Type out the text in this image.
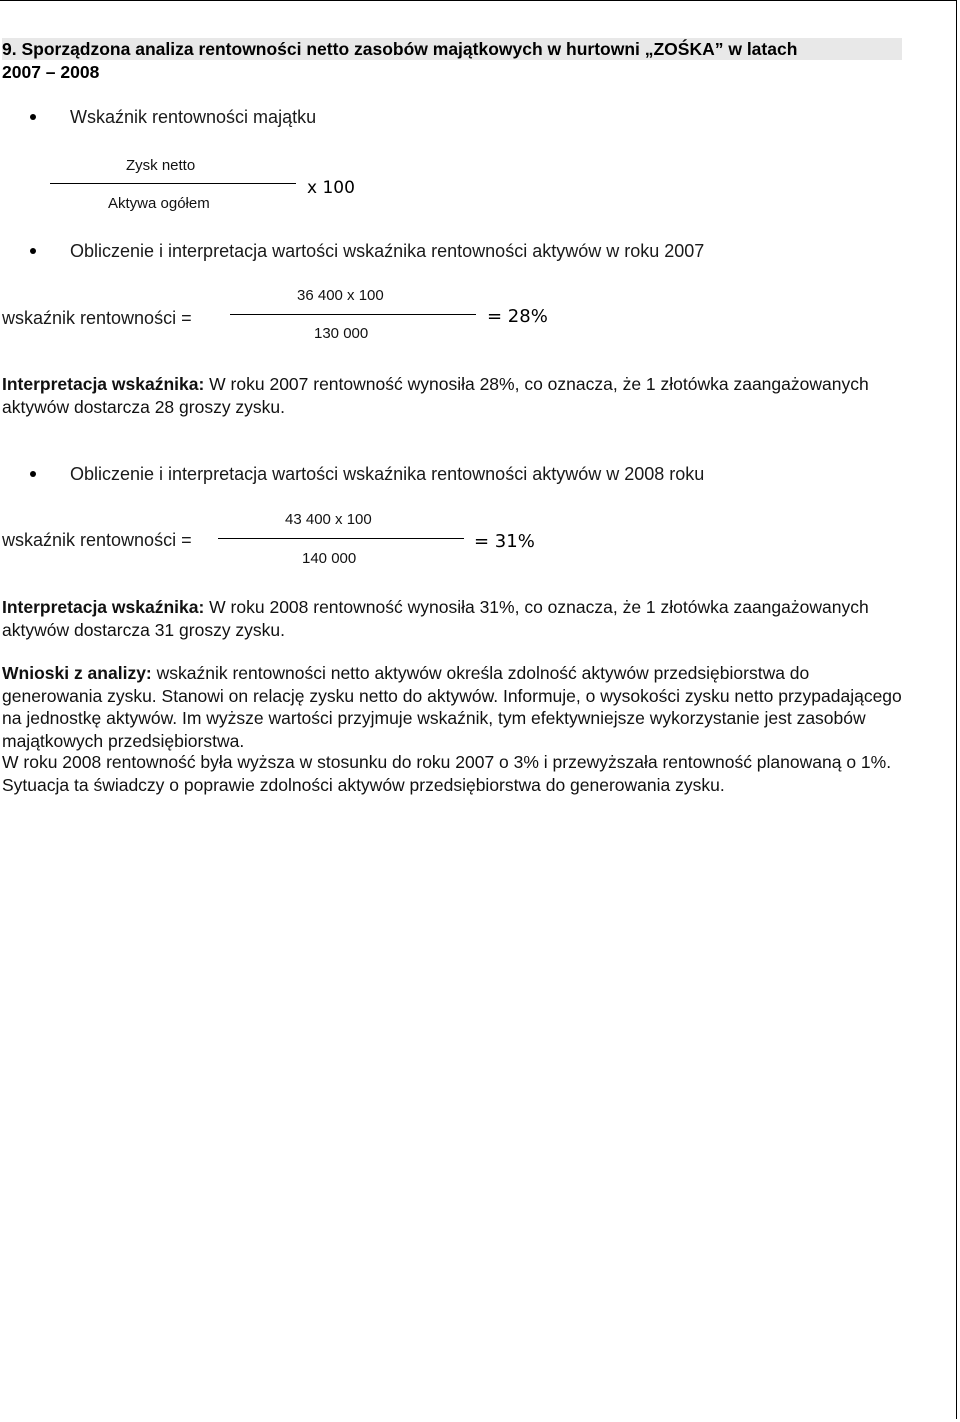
9. Sporządzona analiza rentowności netto zasobów majątkowych w hurtowni „ZOŚKA” w latach
2007 – 2008
Wskaźnik rentowności majątku
Zysk netto
Aktywa ogółem
x 100
Obliczenie i interpretacja wartości wskaźnika rentowności aktywów w roku 2007
wskaźnik rentowności =
36 400 x 100
130 000
= 28%
Interpretacja wskaźnika: W roku 2007 rentowność wynosiła 28%, co oznacza, że 1 złotówka zaangażowanych aktywów dostarcza 28 groszy zysku.
Obliczenie i interpretacja wartości wskaźnika rentowności aktywów w 2008 roku
wskaźnik rentowności =
43 400 x 100
140 000
= 31%
Interpretacja wskaźnika: W roku 2008 rentowność wynosiła 31%, co oznacza, że 1 złotówka zaangażowanych aktywów dostarcza 31 groszy zysku.
Wnioski z analizy: wskaźnik rentowności netto aktywów określa zdolność aktywów przedsiębiorstwa do generowania zysku. Stanowi on relację zysku netto do aktywów. Informuje, o wysokości zysku netto przypadającego na jednostkę aktywów. Im wyższe wartości przyjmuje wskaźnik, tym efektywniejsze wykorzystanie jest zasobów majątkowych przedsiębiorstwa.
W roku 2008 rentowność była wyższa w stosunku do roku 2007 o 3% i przewyższała rentowność planowaną o 1%. Sytuacja ta świadczy o poprawie zdolności aktywów przedsiębiorstwa do generowania zysku.
